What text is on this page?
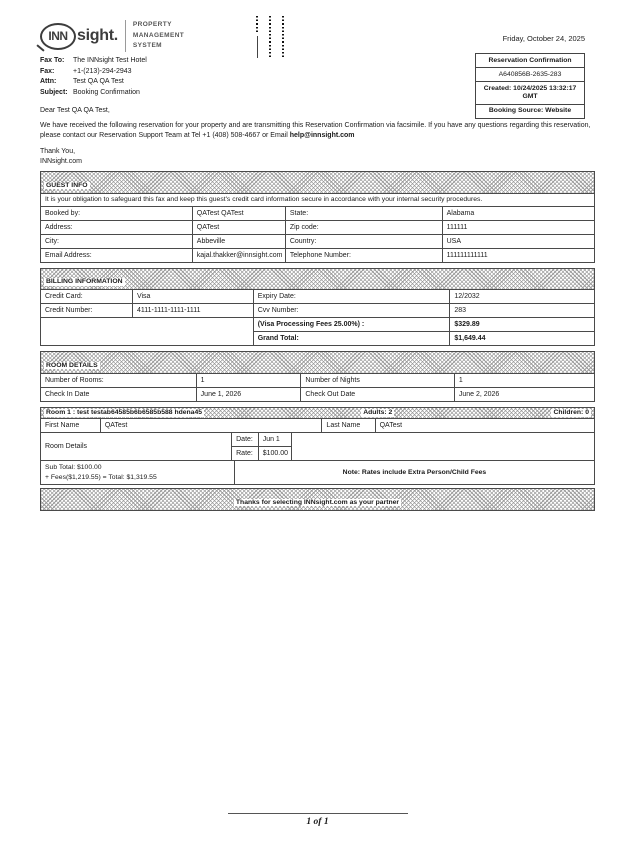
INN sight.
PROPERTY
MANAGEMENT
SYSTEM
Friday, October 24, 2025
Reservation Confirmation
A640856B-2635-283
Created: 10/24/2025 13:32:17 GMT
Booking Source: Website
Fax To: The INNsight Test Hotel
Fax:	+1-(213)-294-2943
Attn: Test QA QA Test
Subject: Booking Confirmation

Dear Test QA QA Test,

We have received the following reservation for your property and are transmitting this Reservation Confirmation via facsimile. If you have any questions regarding this reservation, please contact our Reservation Support Team at Tel +1 (408) 508-4667 or Email help@innsight.com

Thank You,

INNsight.com

GUEST INFO
It is your obligation to safeguard this fax and keep this guest's credit card information secure in accordance with your internal security procedures.
Booked by:	QATest QATest	State:	Alabama
Address:	QATest	Zip code:	111111
City:	Abbeville	Country:	USA
Email Address:	kajal.thakker@innsight.com	Telephone Number:	111111111111
BILLING INFORMATION
Credit Card:	Visa	Expiry Date:	12/2032
Credit Number:	4111-1111-1111-1111	Cvv Number:	283
		(Visa Processing Fees 25.00%) :	$329.89
		Grand Total:	$1,649.44
ROOM DETAILS
Number of Rooms:	1	Number of Nights	1
Check In Date	June 1, 2026	Check Out Date	June 2, 2026
Room 1 : test testab64585b6b6585b588 hdena45	Adults: 2	Children: 0
First Name	QATest	Last Name	QATest
Room Details	Date:	Jun 1	
	Rate:	$100.00	
Sub Total: $100.00
+ Fees($1,219.55) = Total: $1,319.55
	Note: Rates include Extra Person/Child Fees
Thanks for selecting INNsight.com as your partner
1 of 1
